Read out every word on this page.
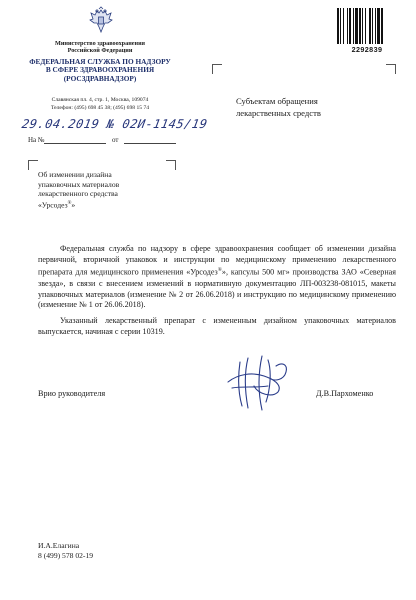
Министерство здравоохранения
Российской Федерации
ФЕДЕРАЛЬНАЯ СЛУЖБА ПО НАДЗОРУ
В СФЕРЕ ЗДРАВООХРАНЕНИЯ
(РОСЗДРАВНАДЗОР)
Славянская пл. 4, стр. 1, Москва, 109074
Телефон: (495) 698 45 38; (495) 698 15 74
29.04.2019 № 02И-1145/19
На №	от
2292839
Об изменении дизайна
упаковочных материалов
лекарственного средства
«Урсодез®»
Субъектам обращения
лекарственных средств

Федеральная служба по надзору в сфере здравоохранения сообщает об изменении дизайна первичной, вторичной упаковок и инструкции по медицинскому применению лекарственного препарата для медицинского применения «Урсодез®», капсулы 500 мг» производства ЗАО «Северная звезда», в связи с внесением изменений в нормативную документацию ЛП-003238-081015, макеты упаковочных материалов (изменение № 2 от 26.06.2018) и инструкцию по медицинскому применению (изменение № 1 от 26.06.2018).

Указанный лекарственный препарат с измененным дизайном упаковочных материалов выпускается, начиная с серии 10319.

Врио руководителя	Д.В.Пархоменко
И.А.Елагина
8 (499) 578 02-19
